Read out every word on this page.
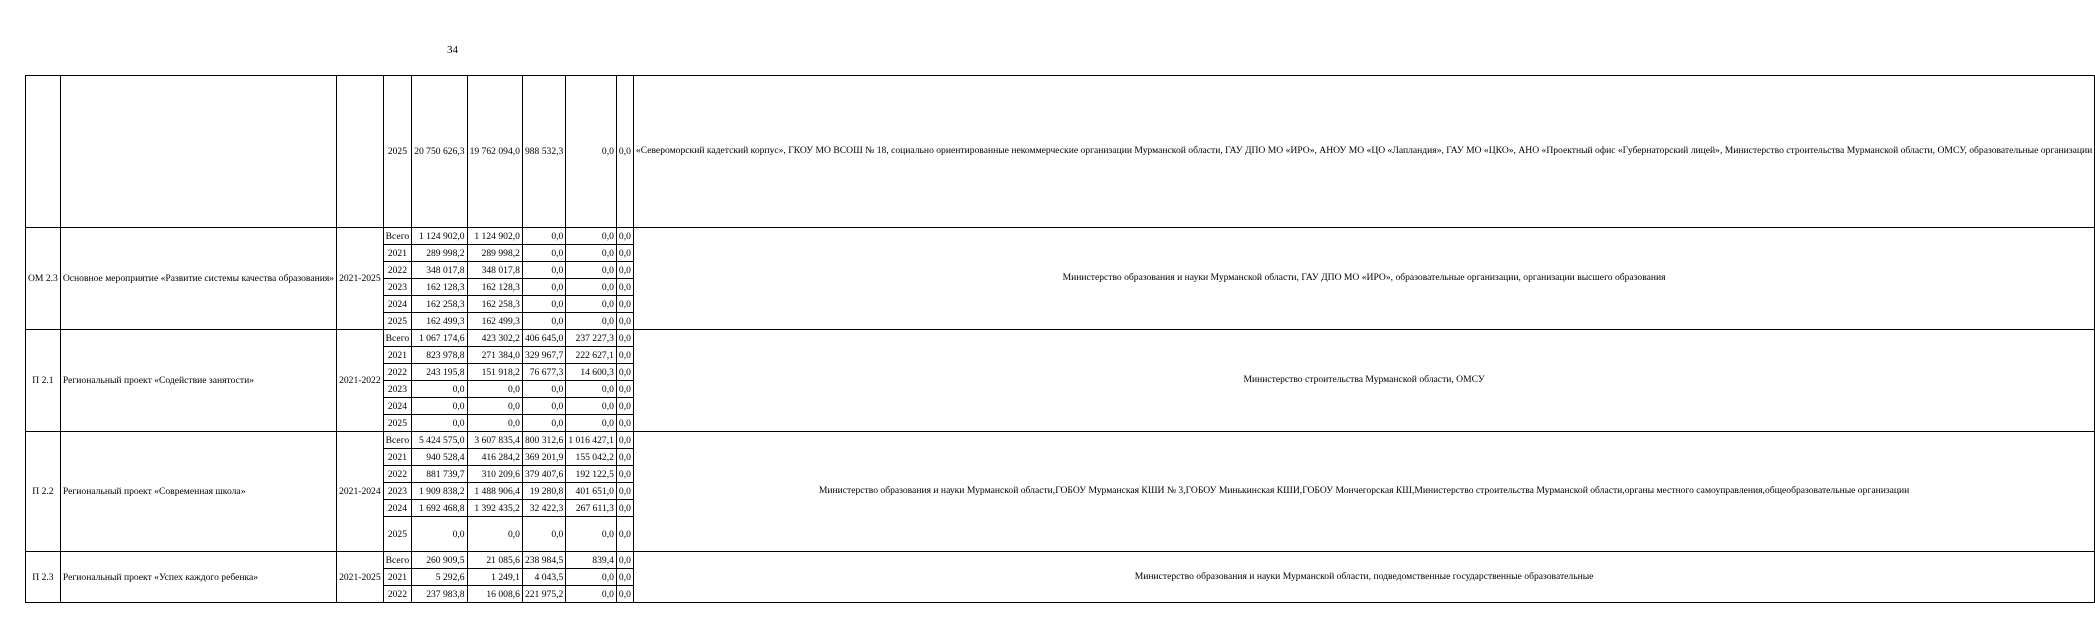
34
			2025	20 750 626,3	19 762 094,0	988 532,3	0,0	0,0	«Североморский кадетский корпус», ГКОУ МО ВСОШ № 18, социально ориентированные некоммерческие организации Мурманской области, ГАУ ДПО МО «ИРО», АНОУ МО «ЦО «Лапландия», ГАУ МО «ЦКО», АНО «Проектный офис «Губернаторский лицей», Министерство строительства Мурманской области, ОМСУ, образовательные организации
ОМ 2.3	Основное мероприятие «Развитие системы качества образования»	2021-2025	Всего	1 124 902,0	1 124 902,0	0,0	0,0	0,0	Министерство образования и науки Мурманской области, ГАУ ДПО МО «ИРО», образовательные организации, организации высшего образования
			2021	289 998,2	289 998,2	0,0	0,0	0,0	
			2022	348 017,8	348 017,8	0,0	0,0	0,0	
			2023	162 128,3	162 128,3	0,0	0,0	0,0	
			2024	162 258,3	162 258,3	0,0	0,0	0,0	
			2025	162 499,3	162 499,3	0,0	0,0	0,0	
П 2.1	Региональный проект «Содействие занятости»	2021-2022	Всего	1 067 174,6	423 302,2	406 645,0	237 227,3	0,0	Министерство строительства Мурманской области, ОМСУ
			2021	823 978,8	271 384,0	329 967,7	222 627,1	0,0	
			2022	243 195,8	151 918,2	76 677,3	14 600,3	0,0	
			2023	0,0	0,0	0,0	0,0	0,0	
			2024	0,0	0,0	0,0	0,0	0,0	
			2025	0,0	0,0	0,0	0,0	0,0	
П 2.2	Региональный проект «Современная школа»	2021-2024	Всего	5 424 575,0	3 607 835,4	800 312,6	1 016 427,1	0,0	Министерство образования и науки Мурманской области,ГОБОУ Мурманская КШИ № 3,ГОБОУ Минькинская КШИ,ГОБОУ Мончегорская КШ,Министерство строительства Мурманской области,органы местного самоуправления,общеобразовательные организации
			2021	940 528,4	416 284,2	369 201,9	155 042,2	0,0	
			2022	881 739,7	310 209,6	379 407,6	192 122,5	0,0	
			2023	1 909 838,2	1 488 906,4	19 280,8	401 651,0	0,0	
			2024	1 692 468,8	1 392 435,2	32 422,3	267 611,3	0,0	
			2025	0,0	0,0	0,0	0,0	0,0	
П 2.3	Региональный проект «Успех каждого ребенка»	2021-2025	Всего	260 909,5	21 085,6	238 984,5	839,4	0,0	Министерство образования и науки Мурманской области, подведомственные государственные образовательные
			2021	5 292,6	1 249,1	4 043,5	0,0	0,0	
			2022	237 983,8	16 008,6	221 975,2	0,0	0,0	
